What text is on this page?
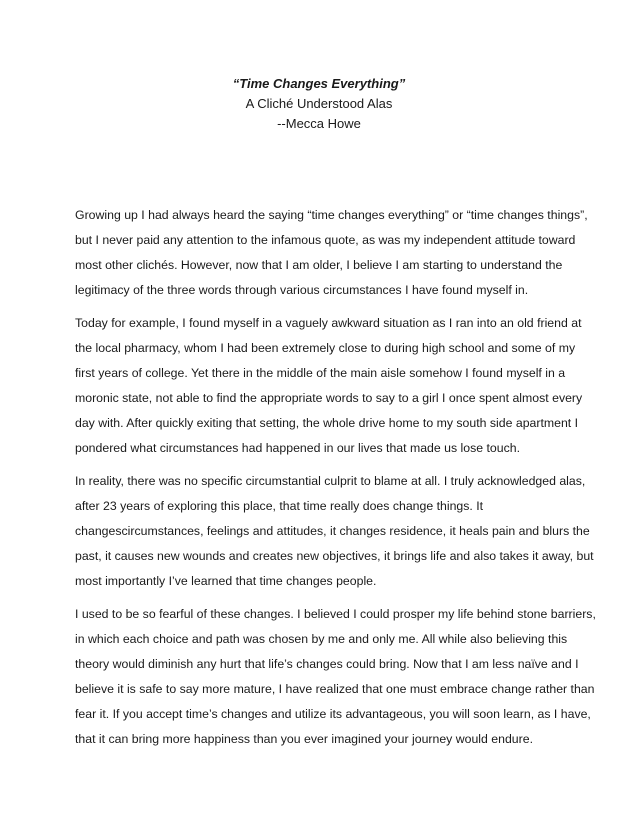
“Time Changes Everything”
A Cliché Understood Alas
--Mecca Howe
Growing up I had always heard the saying “time changes everything” or “time changes things”,
but I never paid any attention to the infamous quote, as was my independent attitude toward
most other clichés. However, now that I am older, I believe I am starting to understand the
legitimacy of the three words through various circumstances I have found myself in.
Today for example, I found myself in a vaguely awkward situation as I ran into an old friend at
the local pharmacy, whom I had been extremely close to during high school and some of my
first years of college. Yet there in the middle of the main aisle somehow I found myself in a
moronic state, not able to find the appropriate words to say to a girl I once spent almost every
day with. After quickly exiting that setting, the whole drive home to my south side apartment I
pondered what circumstances had happened in our lives that made us lose touch.
In reality, there was no specific circumstantial culprit to blame at all. I truly acknowledged alas,
after 23 years of exploring this place, that time really does change things. It
changescircumstances, feelings and attitudes, it changes residence, it heals pain and blurs the
past, it causes new wounds and creates new objectives, it brings life and also takes it away, but
most importantly I’ve learned that time changes people.
I used to be so fearful of these changes. I believed I could prosper my life behind stone barriers,
in which each choice and path was chosen by me and only me. All while also believing this
theory would diminish any hurt that life’s changes could bring. Now that I am less naïve and I
believe it is safe to say more mature, I have realized that one must embrace change rather than
fear it. If you accept time’s changes and utilize its advantageous, you will soon learn, as I have,
that it can bring more happiness than you ever imagined your journey would endure.
